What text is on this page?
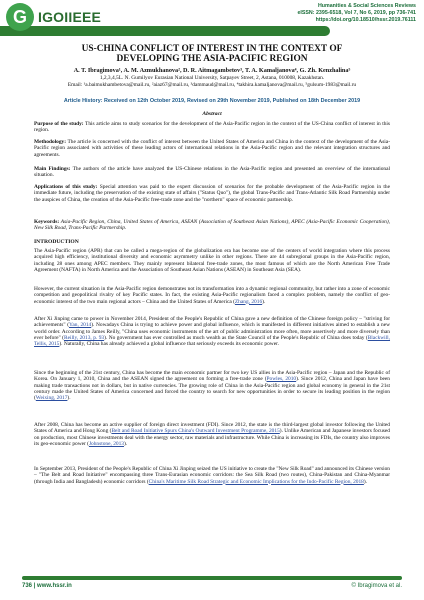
G IGOIIEEE
Humanities & Social Sciences Reviews
eISSN: 2395-6518, Vol 7, No 6, 2019, pp 736-741
https://doi.org/10.18510/hssr.2019.76111
US-CHINA CONFLICT OF INTEREST IN THE CONTEXT OF
DEVELOPING THE ASIA-PACIFIC REGION
A. T. Ibragimova¹, A. M. Azmukhanova², D. R. Aitmagambetov³, T. A. Kamaljanova⁴, G. Zh. Kenzhalina⁵
1,2,3,4,5L. N. Gumilyov Eurasian National University, Satpayev Street, 2, Astana, 010008, Kazakhstan.
Email: ¹a.baimukhambetova@mail.ru, ²aiaz67@mail.ru, ³dammaud@mail.ru, ⁴takhira.kamaljanova@mail.ru, ⁵gulsum-1983@mail.ru
Article History: Received on 12th October 2019, Revised on 29th November 2019, Published on 18th December 2019
Abstract
Purpose of the study: This article aims to study scenarios for the development of the Asia-Pacific region in the context of the US-China conflict of interest in this region.
Methodology: The article is concerned with the conflict of interest between the United States of America and China in the context of the development of the Asia-Pacific region associated with activities of these leading actors of international relations in the Asia-Pacific region and the relevant integration structures and agreements.
Main Findings: The authors of the article have analyzed the US-Chinese relations in the Asia-Pacific region and presented an overview of the international situation.
Applications of this study: Special attention was paid to the expert discussion of scenarios for the probable development of the Asia-Pacific region in the immediate future, including the preservation of the existing state of affairs ("Status Quo"), the global Trans-Pacific and Trans-Atlantic Silk Road Partnership under the auspices of China, the creation of the Asia-Pacific free-trade zone and the "northern" space of economic partnership.
Keywords: Asia-Pacific Region, China, United States of America, ASEAN (Association of Southeast Asian Nations), APEC (Asia-Pacific Economic Cooperation), New Silk Road, Trans-Pacific Partnership.
INTRODUCTION
The Asia-Pacific region (APR) that can be called a mega-region of the globalization era has become one of the centers of world integration where this process acquired high efficiency, institutional diversity and economic asymmetry unlike in other regions. There are 44 subregional groups in the Asia-Pacific region, including 28 ones among APEC members. They mainly represent bilateral free-trade zones, the most famous of which are the North American Free Trade Agreement (NAFTA) in North America and the Association of Southeast Asian Nations (ASEAN) in Southeast Asia (SEA).
However, the current situation in the Asia-Pacific region demonstrates not its transformation into a dynamic regional community, but rather into a zone of economic competition and geopolitical rivalry of key Pacific states. In fact, the existing Asia-Pacific regionalism faced a complex problem, namely the conflict of geo-economic interest of the two main regional actors – China and the United States of America (Zhang, 2016).
After Xi Jinping came to power in November 2014, President of the People's Republic of China gave a new definition of the Chinese foreign policy – "striving for achievements" (Yan, 2014). Nowadays China is trying to achieve power and global influence, which is manifested in different initiatives aimed to establish a new world order. According to James Reilly, "China uses economic instruments of the art of public administration more often, more assertively and more diversely than ever before" (Reilly, 2013, p. 93). No government has ever controlled as much wealth as the State Council of the People's Republic of China does today (Blackwill, Tellis, 2015). Naturally, China has already achieved a global influence that seriously exceeds its economic power.
Since the beginning of the 21st century, China has become the main economic partner for two key US allies in the Asia-Pacific region – Japan and the Republic of Korea. On January 1, 2010, China and the ASEAN signed the agreement on forming a free-trade zone (Powles, 2010). Since 2012, China and Japan have been making trade transactions not in dollars, but in native currencies. The growing role of China in the Asia-Pacific region and global economy in general in the 21st century made the United States of America concerned and forced the country to search for new opportunities in order to secure its leading position in the region (Weixing, 2017).
After 2008, China has become an active supplier of foreign direct investment (FDI). Since 2012, the state is the third-largest global investor following the United States of America and Hong Kong (Belt and Road Initiative Spurs China's Outward Investment Programme, 2015). Unlike American and Japanese investors focused on production, most Chinese investments deal with the energy sector, raw materials and infrastructure. While China is increasing its FDIs, the country also improves its geo-economic power (Johnstone, 2013).
In September 2013, President of the People's Republic of China Xi Jinping seized the US initiative to create the "New Silk Road" and announced its Chinese version – "The Belt and Road Initiative" encompassing three Trans-Eurasian economic corridors: the Sea Silk Road (two routes), China-Pakistan and China-Myanmar (through India and Bangladesh) economic corridors (China's Maritime Silk Road Strategic and Economic Implications for the Indo-Pacific Region, 2018).
736 | www.hssr.in	© Ibragimova et al.
